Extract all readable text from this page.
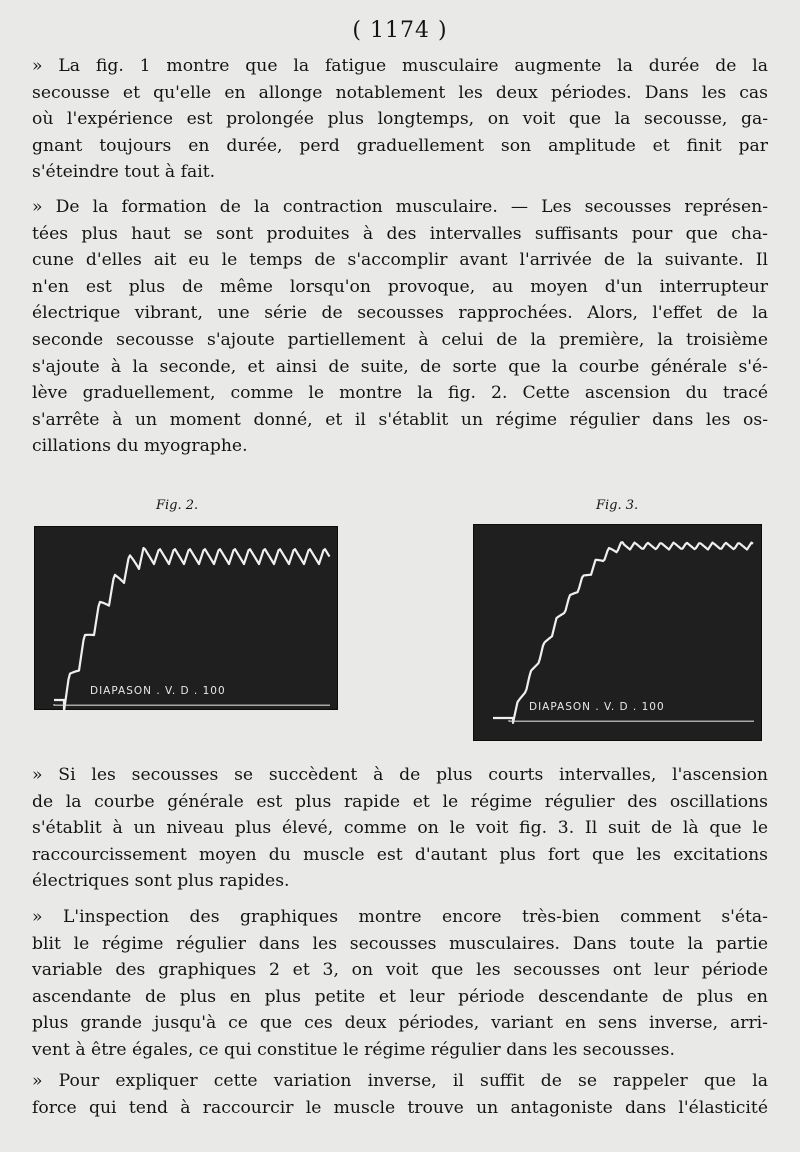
( 1174 )
» La fig. 1 montre que la fatigue musculaire augmente la durée de la
secousse et qu'elle en allonge notablement les deux périodes. Dans les cas
où l'expérience est prolongée plus longtemps, on voit que la secousse, ga-
gnant toujours en durée, perd graduellement son amplitude et finit par
s'éteindre tout à fait.
» De la formation de la contraction musculaire. — Les secousses représen-
tées plus haut se sont produites à des intervalles suffisants pour que cha-
cune d'elles ait eu le temps de s'accomplir avant l'arrivée de la suivante. Il
n'en est plus de même lorsqu'on provoque, au moyen d'un interrupteur
électrique vibrant, une série de secousses rapprochées. Alors, l'effet de la
seconde secousse s'ajoute partiellement à celui de la première, la troisième
s'ajoute à la seconde, et ainsi de suite, de sorte que la courbe générale s'é-
lève graduellement, comme le montre la fig. 2. Cette ascension du tracé
s'arrête à un moment donné, et il s'établit un régime régulier dans les os-
cillations du myographe.
Fig. 2.	Fig. 3.
DIAPASON . V. D . 100
DIAPASON . V. D . 100
» Si les secousses se succèdent à de plus courts intervalles, l'ascension
de la courbe générale est plus rapide et le régime régulier des oscillations
s'établit à un niveau plus élevé, comme on le voit fig. 3. Il suit de là que le
raccourcissement moyen du muscle est d'autant plus fort que les excitations
électriques sont plus rapides.
» L'inspection des graphiques montre encore très-bien comment s'éta-
blit le régime régulier dans les secousses musculaires. Dans toute la partie
variable des graphiques 2 et 3, on voit que les secousses ont leur période
ascendante de plus en plus petite et leur période descendante de plus en
plus grande jusqu'à ce que ces deux périodes, variant en sens inverse, arri-
vent à être égales, ce qui constitue le régime régulier dans les secousses.
» Pour expliquer cette variation inverse, il suffit de se rappeler que la
force qui tend à raccourcir le muscle trouve un antagoniste dans l'élasticité
